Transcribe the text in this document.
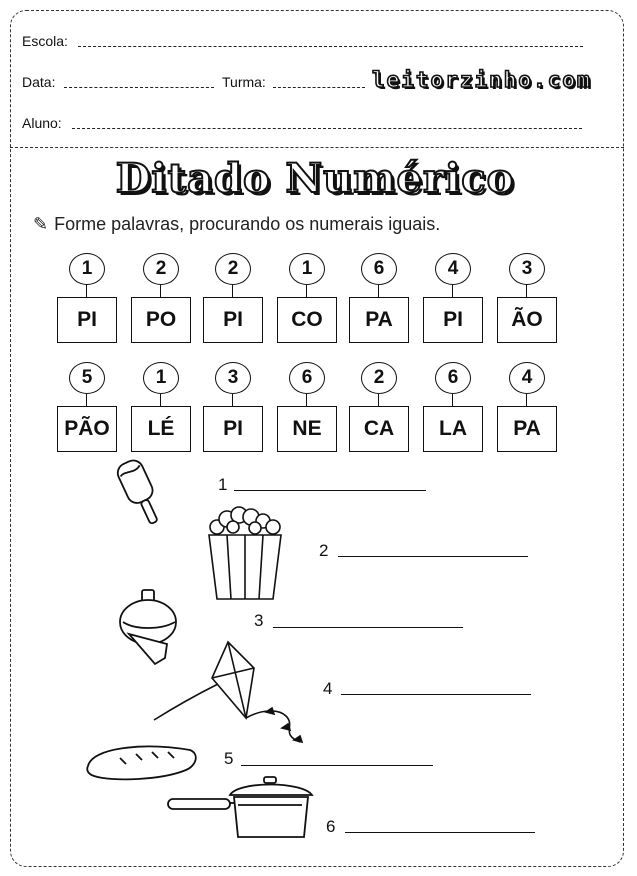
Escola:
Data:	Turma:	leitorzinho.com
Aluno:
Ditado Numérico
✎ Forme palavras, procurando os numerais iguais.
1
PI
2
PO
2
PI
1
CO
6
PA
4
PI
3
ÃO
5
PÃO
1
LÉ
3
PI
6
NE
2
CA
6
LA
4
PA
1
2
3
4
5
6
